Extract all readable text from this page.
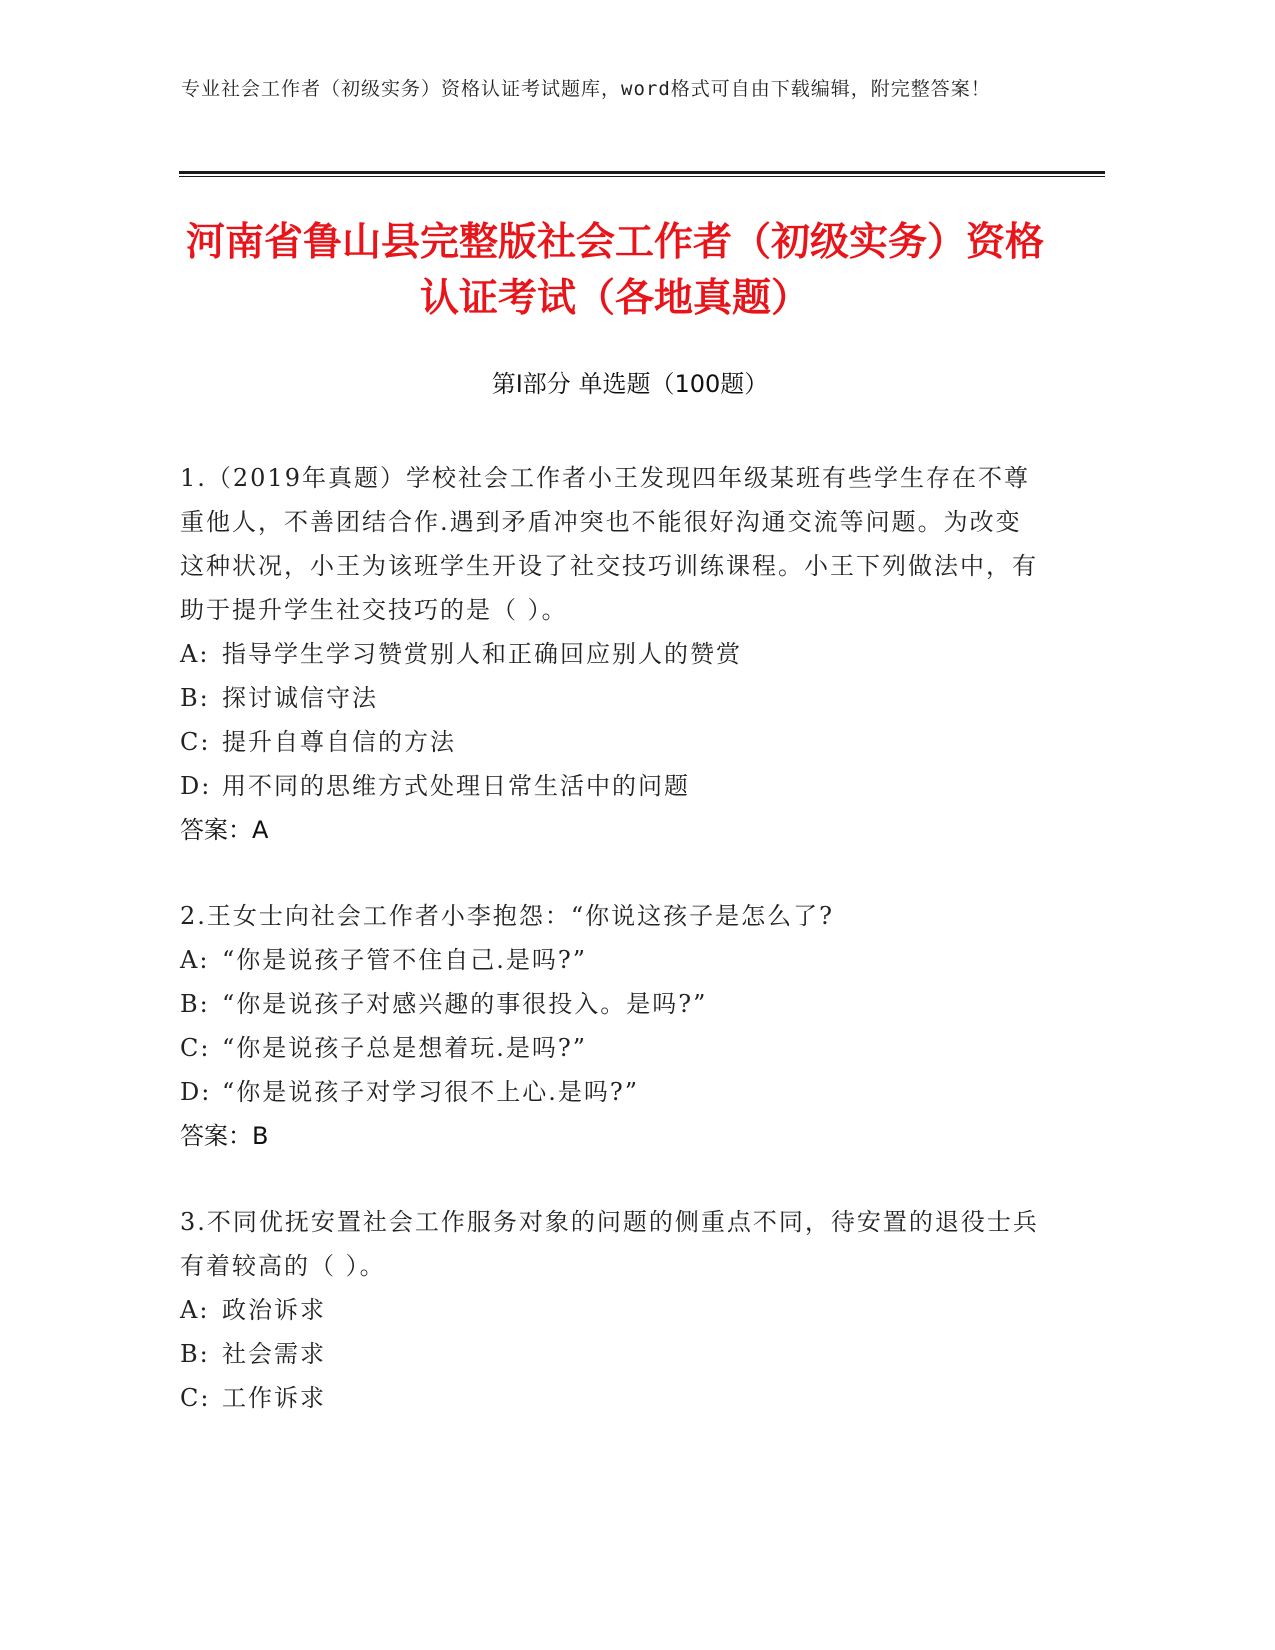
专业社会工作者（初级实务）资格认证考试题库，word格式可自由下载编辑，附完整答案！
河南省鲁山县完整版社会工作者（初级实务）资格认证考试（各地真题）
第Ⅰ部分 单选题（100题）
1.（2019年真题）学校社会工作者小王发现四年级某班有些学生存在不尊重他人，不善团结合作.遇到矛盾冲突也不能很好沟通交流等问题。为改变这种状况，小王为该班学生开设了社交技巧训练课程。小王下列做法中，有助于提升学生社交技巧的是（ ）。
A: 指导学生学习赞赏别人和正确回应别人的赞赏
B: 探讨诚信守法
C: 提升自尊自信的方法
D: 用不同的思维方式处理日常生活中的问题
答案：A
2.王女士向社会工作者小李抱怨：“你说这孩子是怎么了?
A: “你是说孩子管不住自己.是吗?”
B: “你是说孩子对感兴趣的事很投入。是吗?”
C: “你是说孩子总是想着玩.是吗?”
D: “你是说孩子对学习很不上心.是吗?”
答案：B
3.不同优抚安置社会工作服务对象的问题的侧重点不同，待安置的退役士兵有着较高的（ ）。
A: 政治诉求
B: 社会需求
C: 工作诉求
